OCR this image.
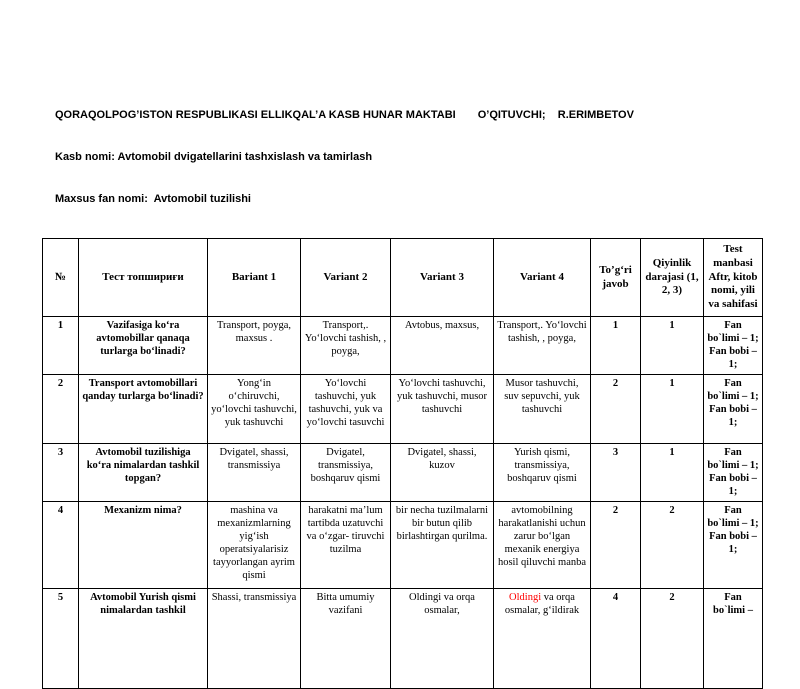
QORAQOLPOG’ISTON RESPUBLIKASI ELLIKQAL’A KASB HUNAR MAKTABI O’QITUVCHI;    R.ERIMBETOV

Kasb nomi: Avtomobil dvigatellarini tashxislash va tamirlash

Maxsus fan nomi:  Avtomobil tuzilishi

№	Тест топшириғи	Bariant 1	Variant 2	Variant 3	Variant 4	To’g‘ri javob	Qiyinlik darajasi (1, 2, 3)	Test manbasi Aftr, kitob nomi, yili va sahifasi
1	Vazifasiga ko‘ra avtomobillar qanaqa turlarga bo‘linadi?	Transport, poyga, maxsus .	Transport,. Yo‘lovchi tashish, , poyga,	Avtobus, maxsus,	Transport,. Yo‘lovchi tashish, , poyga,	1	1	Fan bo`limi – 1; Fan bobi – 1;
2	Transport avtomobillari qanday turlarga bo‘linadi?	Yong‘in o‘chiruvchi, yo‘lovchi tashuvchi, yuk tashuvchi	Yo‘lovchi tashuvchi, yuk tashuvchi, yuk va yo‘lovchi tasuvchi	Yo‘lovchi tashuvchi, yuk tashuvchi, musor tashuvchi	Musor tashuvchi, suv sepuvchi, yuk tashuvchi	2	1	Fan bo`limi – 1; Fan bobi – 1;
3	Avtomobil tuzilishiga ko‘ra nimalardan tashkil topgan?	Dvigatel, shassi, transmissiya	Dvigatel, transmissiya, boshqaruv qismi	Dvigatel, shassi, kuzov	Yurish qismi, transmissiya, boshqaruv qismi	3	1	Fan bo`limi – 1; Fan bobi – 1;
4	Mexanizm nima?	mashina va mexanizmlarning yig‘ish operatsiyalarisiz tayyorlangan ayrim qismi	harakatni ma’lum tartibda uzatuvchi va o‘zgar- tiruvchi tuzilma	bir necha tuzilmalarni bir butun qilib birlashtirgan qurilma.	avtomobilning harakatlanishi uchun zarur bo‘lgan mexanik energiya hosil qiluvchi manba	2	2	Fan bo`limi – 1; Fan bobi – 1;
5	Avtomobil Yurish qismi nimalardan tashkil	Shassi, transmissiya	Bitta umumiy vazifani	Oldingi va orqa osmalar,	Oldingi va orqa osmalar, g‘ildirak	4	2	Fan bo`limi –
